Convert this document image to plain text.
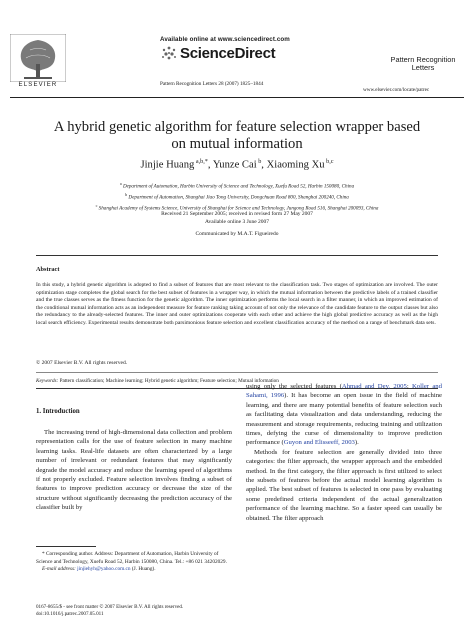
ELSEVIER
Available online at www.sciencedirect.com
ScienceDirect
Pattern Recognition Letters 28 (2007) 1825–1844
Pattern Recognition
Letters
www.elsevier.com/locate/patrec
A hybrid genetic algorithm for feature selection wrapper based
on mutual information
Jinjie Huang $^{a,b,*}$, Yunze Cai $^b$, Xiaoming Xu $^{b,c}$
$^a$ Department of Automation, Harbin University of Science and Technology, Xuefu Road 52, Harbin 150080, China
$^b$ Department of Automation, Shanghai Jiao Tong University, Dongchuan Road 800, Shanghai 200240, China
$^c$ Shanghai Academy of Systems Science, University of Shanghai for Science and Technology, Jungong Road 516, Shanghai 200093, China
Received 21 September 2005; received in revised form 27 May 2007
Available online 3 June 2007
Communicated by M.A.T. Figueiredo
Abstract
In this study, a hybrid genetic algorithm is adopted to find a subset of features that are most relevant to the classification task. Two stages of optimization are involved. The outer optimization stage completes the global search for the best subset of features in a wrapper way, in which the mutual information between the predictive labels of a trained classifier and the true classes serves as the fitness function for the genetic algorithm. The inner optimization performs the local search in a filter manner, in which an improved estimation of the conditional mutual information acts as an independent measure for feature ranking taking account of not only the relevance of the candidate feature to the output classes but also the redundancy to the already-selected features. The inner and outer optimizations cooperate with each other and achieve the high global predictive accuracy as well as the high local search efficiency. Experimental results demonstrate both parsimonious feature selection and excellent classification accuracy of the method on a range of benchmark data sets.
© 2007 Elsevier B.V. All rights reserved.
Keywords: Pattern classification; Machine learning; Hybrid genetic algorithm; Feature selection; Mutual information
1. Introduction

The increasing trend of high-dimensional data collection and problem representation calls for the use of feature selection in many machine learning tasks. Real-life datasets are often characterized by a large number of irrelevant or redundant features that may significantly degrade the model accuracy and reduce the learning speed of algorithms if not properly excluded. Feature selection involves finding a subset of features to improve prediction accuracy or decrease the size of the structure without significantly decreasing the prediction accuracy of the classifier built by

using only the selected features (Ahmad and Dey, 2005; Koller and Sahami, 1996). It has become an open issue in the field of machine learning, and there are many potential benefits of feature selection such as facilitating data visualization and data understanding, reducing the measurement and storage requirements, reducing training and utilization times, defying the curse of dimensionality to improve prediction performance (Guyon and Elisseeff, 2003).

Methods for feature selection are generally divided into three categories: the filter approach, the wrapper approach and the embedded method. In the first category, the filter approach is first utilized to select the subsets of features before the actual model learning algorithm is applied. The best subset of features is selected in one pass by evaluating some predefined criteria independent of the actual generalization performance of the learning machine. So a faster speed can usually be obtained. The filter approach

* Corresponding author. Address: Department of Automation, Harbin University of Science and Technology, Xuefu Road 52, Harbin 150080, China. Tel.: +86 021 34202029.

E-mail address: jinjiehyh@yahoo.com.cn (J. Huang).

0167-8655/$ - see front matter © 2007 Elsevier B.V. All rights reserved.
doi:10.1016/j.patrec.2007.05.011
